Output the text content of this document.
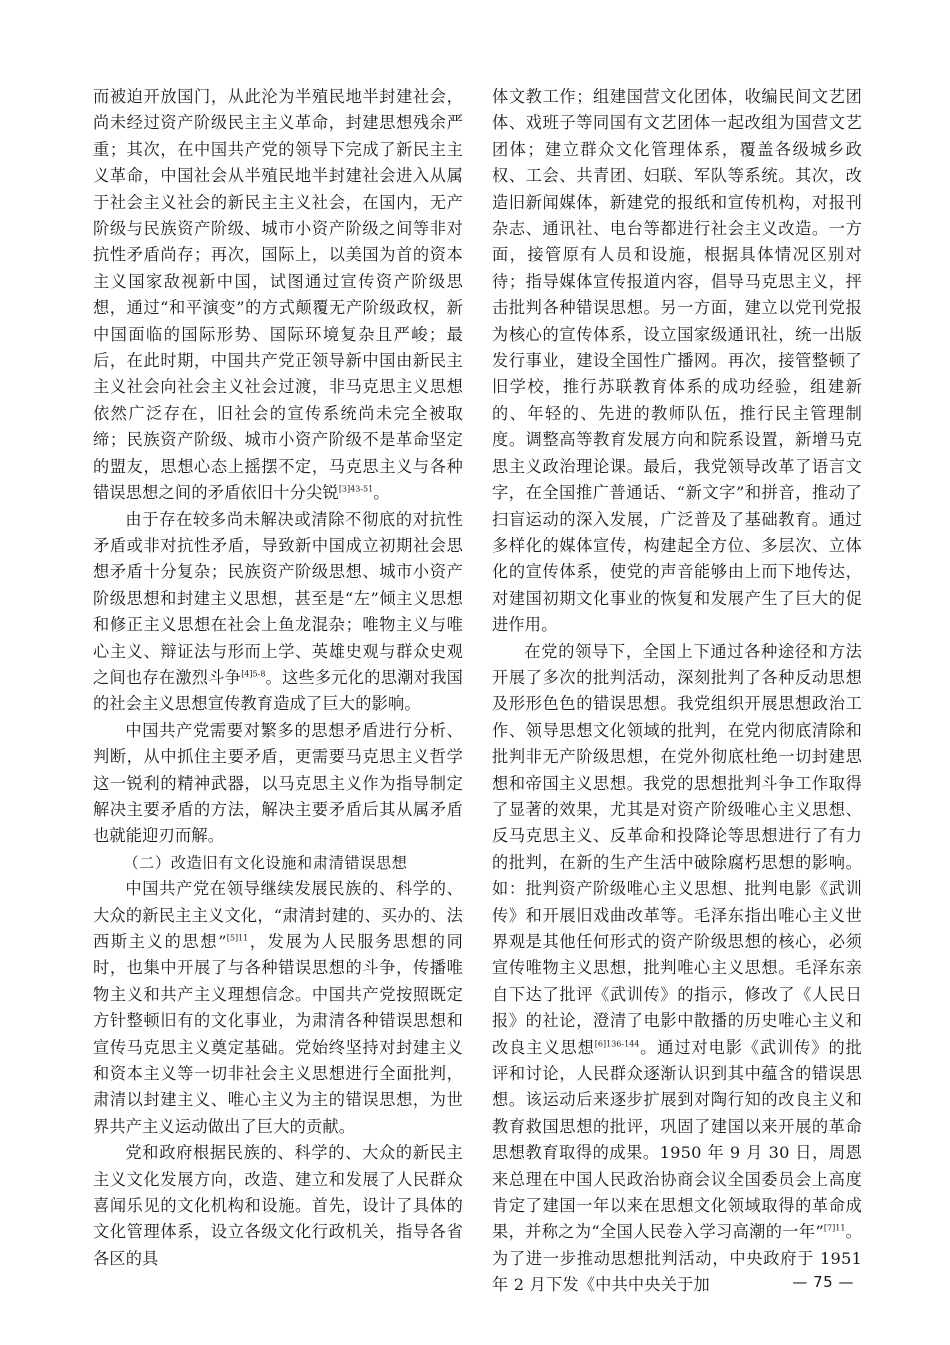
而被迫开放国门，从此沦为半殖民地半封建社会，尚未经过资产阶级民主主义革命，封建思想残余严重；其次，在中国共产党的领导下完成了新民主主义革命，中国社会从半殖民地半封建社会进入从属于社会主义社会的新民主主义社会，在国内，无产阶级与民族资产阶级、城市小资产阶级之间等非对抗性矛盾尚存；再次，国际上，以美国为首的资本主义国家敌视新中国，试图通过宣传资产阶级思想，通过“和平演变”的方式颠覆无产阶级政权，新中国面临的国际形势、国际环境复杂且严峻；最后，在此时期，中国共产党正领导新中国由新民主主义社会向社会主义社会过渡，非马克思主义思想依然广泛存在，旧社会的宣传系统尚未完全被取缔；民族资产阶级、城市小资产阶级不是革命坚定的盟友，思想心态上摇摆不定，马克思主义与各种错误思想之间的矛盾依旧十分尖锐$^{[3]43-51}$。

由于存在较多尚未解决或清除不彻底的对抗性矛盾或非对抗性矛盾，导致新中国成立初期社会思想矛盾十分复杂；民族资产阶级思想、城市小资产阶级思想和封建主义思想，甚至是“左”倾主义思想和修正主义思想在社会上鱼龙混杂；唯物主义与唯心主义、辩证法与形而上学、英雄史观与群众史观之间也存在激烈斗争$^{[4]5-8}$。这些多元化的思潮对我国的社会主义思想宣传教育造成了巨大的影响。

中国共产党需要对繁多的思想矛盾进行分析、判断，从中抓住主要矛盾，更需要马克思主义哲学这一锐利的精神武器，以马克思主义作为指导制定解决主要矛盾的方法，解决主要矛盾后其从属矛盾也就能迎刃而解。

（二）改造旧有文化设施和肃清错误思想

中国共产党在领导继续发展民族的、科学的、大众的新民主主义文化，“肃清封建的、买办的、法西斯主义的思想”$^{[5]11}$，发展为人民服务思想的同时，也集中开展了与各种错误思想的斗争，传播唯物主义和共产主义理想信念。中国共产党按照既定方针整顿旧有的文化事业，为肃清各种错误思想和宣传马克思主义奠定基础。党始终坚持对封建主义和资本主义等一切非社会主义思想进行全面批判，肃清以封建主义、唯心主义为主的错误思想，为世界共产主义运动做出了巨大的贡献。

党和政府根据民族的、科学的、大众的新民主主义文化发展方向，改造、建立和发展了人民群众喜闻乐见的文化机构和设施。首先，设计了具体的文化管理体系，设立各级文化行政机关，指导各省各区的具

体文教工作；组建国营文化团体，收编民间文艺团体、戏班子等同国有文艺团体一起改组为国营文艺团体；建立群众文化管理体系，覆盖各级城乡政权、工会、共青团、妇联、军队等系统。其次，改造旧新闻媒体，新建党的报纸和宣传机构，对报刊杂志、通讯社、电台等都进行社会主义改造。一方面，接管原有人员和设施，根据具体情况区别对待；指导媒体宣传报道内容，倡导马克思主义，抨击批判各种错误思想。另一方面，建立以党刊党报为核心的宣传体系，设立国家级通讯社，统一出版发行事业，建设全国性广播网。再次，接管整顿了旧学校，推行苏联教育体系的成功经验，组建新的、年轻的、先进的教师队伍，推行民主管理制度。调整高等教育发展方向和院系设置，新增马克思主义政治理论课。最后，我党领导改革了语言文字，在全国推广普通话、“新文字”和拼音，推动了扫盲运动的深入发展，广泛普及了基础教育。通过多样化的媒体宣传，构建起全方位、多层次、立体化的宣传体系，使党的声音能够由上而下地传达，对建国初期文化事业的恢复和发展产生了巨大的促进作用。

在党的领导下，全国上下通过各种途径和方法开展了多次的批判活动，深刻批判了各种反动思想及形形色色的错误思想。我党组织开展思想政治工作、领导思想文化领域的批判，在党内彻底清除和批判非无产阶级思想，在党外彻底杜绝一切封建思想和帝国主义思想。我党的思想批判斗争工作取得了显著的效果，尤其是对资产阶级唯心主义思想、反马克思主义、反革命和投降论等思想进行了有力的批判，在新的生产生活中破除腐朽思想的影响。如：批判资产阶级唯心主义思想、批判电影《武训传》和开展旧戏曲改革等。毛泽东指出唯心主义世界观是其他任何形式的资产阶级思想的核心，必须宣传唯物主义思想，批判唯心主义思想。毛泽东亲自下达了批评《武训传》的指示，修改了《人民日报》的社论，澄清了电影中散播的历史唯心主义和改良主义思想$^{[6]136-144}$。通过对电影《武训传》的批评和讨论，人民群众逐渐认识到其中蕴含的错误思想。该运动后来逐步扩展到对陶行知的改良主义和教育救国思想的批评，巩固了建国以来开展的革命思想教育取得的成果。1950 年 9 月 30 日，周恩来总理在中国人民政治协商会议全国委员会上高度肯定了建国一年以来在思想文化领域取得的革命成果，并称之为“全国人民卷入学习高潮的一年”$^{[7]11}$。为了进一步推动思想批判活动，中央政府于 1951 年 2 月下发《中共中央关于加	— 75 —
